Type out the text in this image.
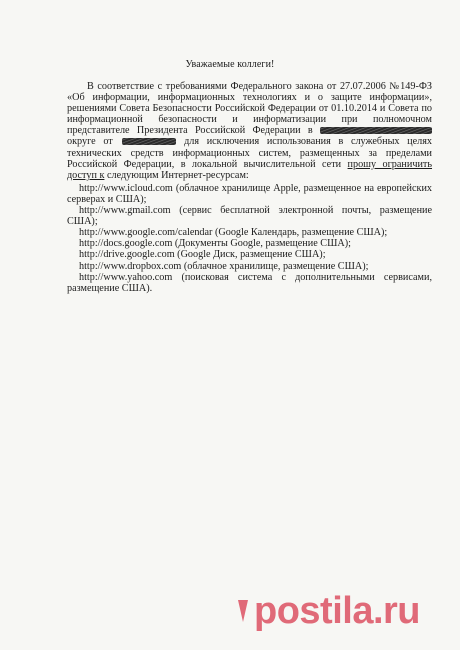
Уважаемые коллеги!

В соответствие с требованиями Федерального закона от 27.07.2006 №149-ФЗ «Об информации, информационных технологиях и о защите информации», решениями Совета Безопасности Российской Федерации от 01.10.2014 и Совета по информационной безопасности и информатизации при полномочном представителе Президента Российской Федерации в  округе от	для исключения использования в служебных целях технических средств информационных систем, размещенных за пределами Российской Федерации, в локальной вычислительной сети прошу ограничить доступ к следующим Интернет-ресурсам:

http://www.icloud.com (облачное хранилище Apple, размещенное на европейских серверах и США);
http://www.gmail.com (сервис бесплатной электронной почты, размещение США);
http://www.google.com/calendar (Google Календарь, размещение США);
http://docs.google.com (Документы Google, размещение США);
http://drive.google.com (Google Диск, размещение США);
http://www.dropbox.com (облачное хранилище, размещение США);
http://www.yahoo.com (поисковая система с дополнительными сервисами, размещение США).
postila.ru
